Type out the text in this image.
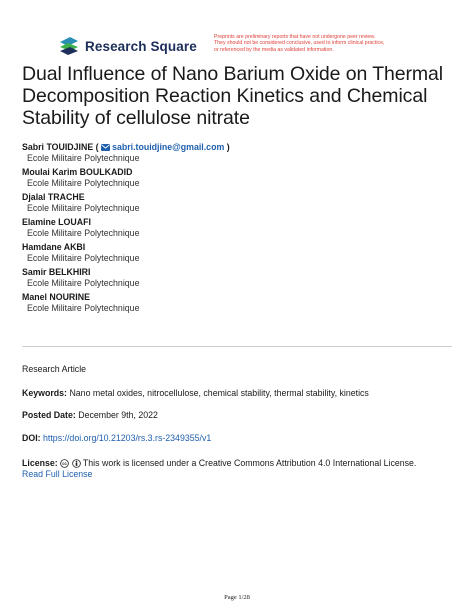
Research Square
Preprints are preliminary reports that have not undergone peer review.
They should not be considered conclusive, used to inform clinical practice,
or referenced by the media as validated information.
Dual Influence of Nano Barium Oxide on Thermal Decomposition Reaction Kinetics and Chemical Stability of cellulose nitrate
Sabri TOUIDJINE ( sabri.touidjine@gmail.com )
Ecole Militaire Polytechnique
Moulai Karim BOULKADID
Ecole Militaire Polytechnique
Djalal TRACHE
Ecole Militaire Polytechnique
Elamine LOUAFI
Ecole Militaire Polytechnique
Hamdane AKBI
Ecole Militaire Polytechnique
Samir BELKHIRI
Ecole Militaire Polytechnique
Manel NOURINE
Ecole Militaire Polytechnique
Research Article
Keywords: Nano metal oxides, nitrocellulose, chemical stability, thermal stability, kinetics
Posted Date: December 9th, 2022
DOI: https://doi.org/10.21203/rs.3.rs-2349355/v1
License: cc This work is licensed under a Creative Commons Attribution 4.0 International License.
Read Full License
Page 1/28
